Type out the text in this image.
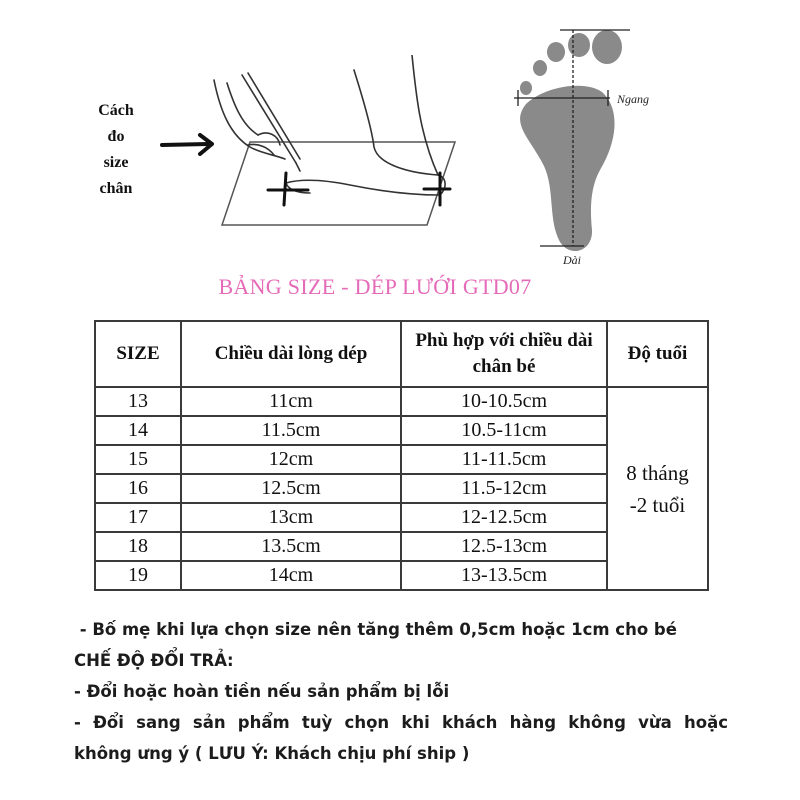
Cách
đo
size
chân
Ngang
Dài
BẢNG SIZE - DÉP LƯỚI GTD07
SIZE	Chiều dài lòng dép	Phù hợp với chiều dài chân bé	Độ tuổi
13	11cm	10-10.5cm	8 tháng
-2 tuổi
14	11.5cm	10.5-11cm	
15	12cm	11-11.5cm	
16	12.5cm	11.5-12cm	
17	13cm	12-12.5cm	
18	13.5cm	12.5-13cm	
19	14cm	13-13.5cm	

- Bố mẹ khi lựa chọn size nên tăng thêm 0,5cm hoặc 1cm cho bé

CHẾ ĐỘ ĐỔI TRẢ:

- Đổi hoặc hoàn tiền nếu sản phẩm bị lỗi

- Đổi sang sản phẩm tuỳ chọn khi khách hàng không vừa hoặc

không ưng ý ( LƯU Ý: Khách chịu phí ship )
